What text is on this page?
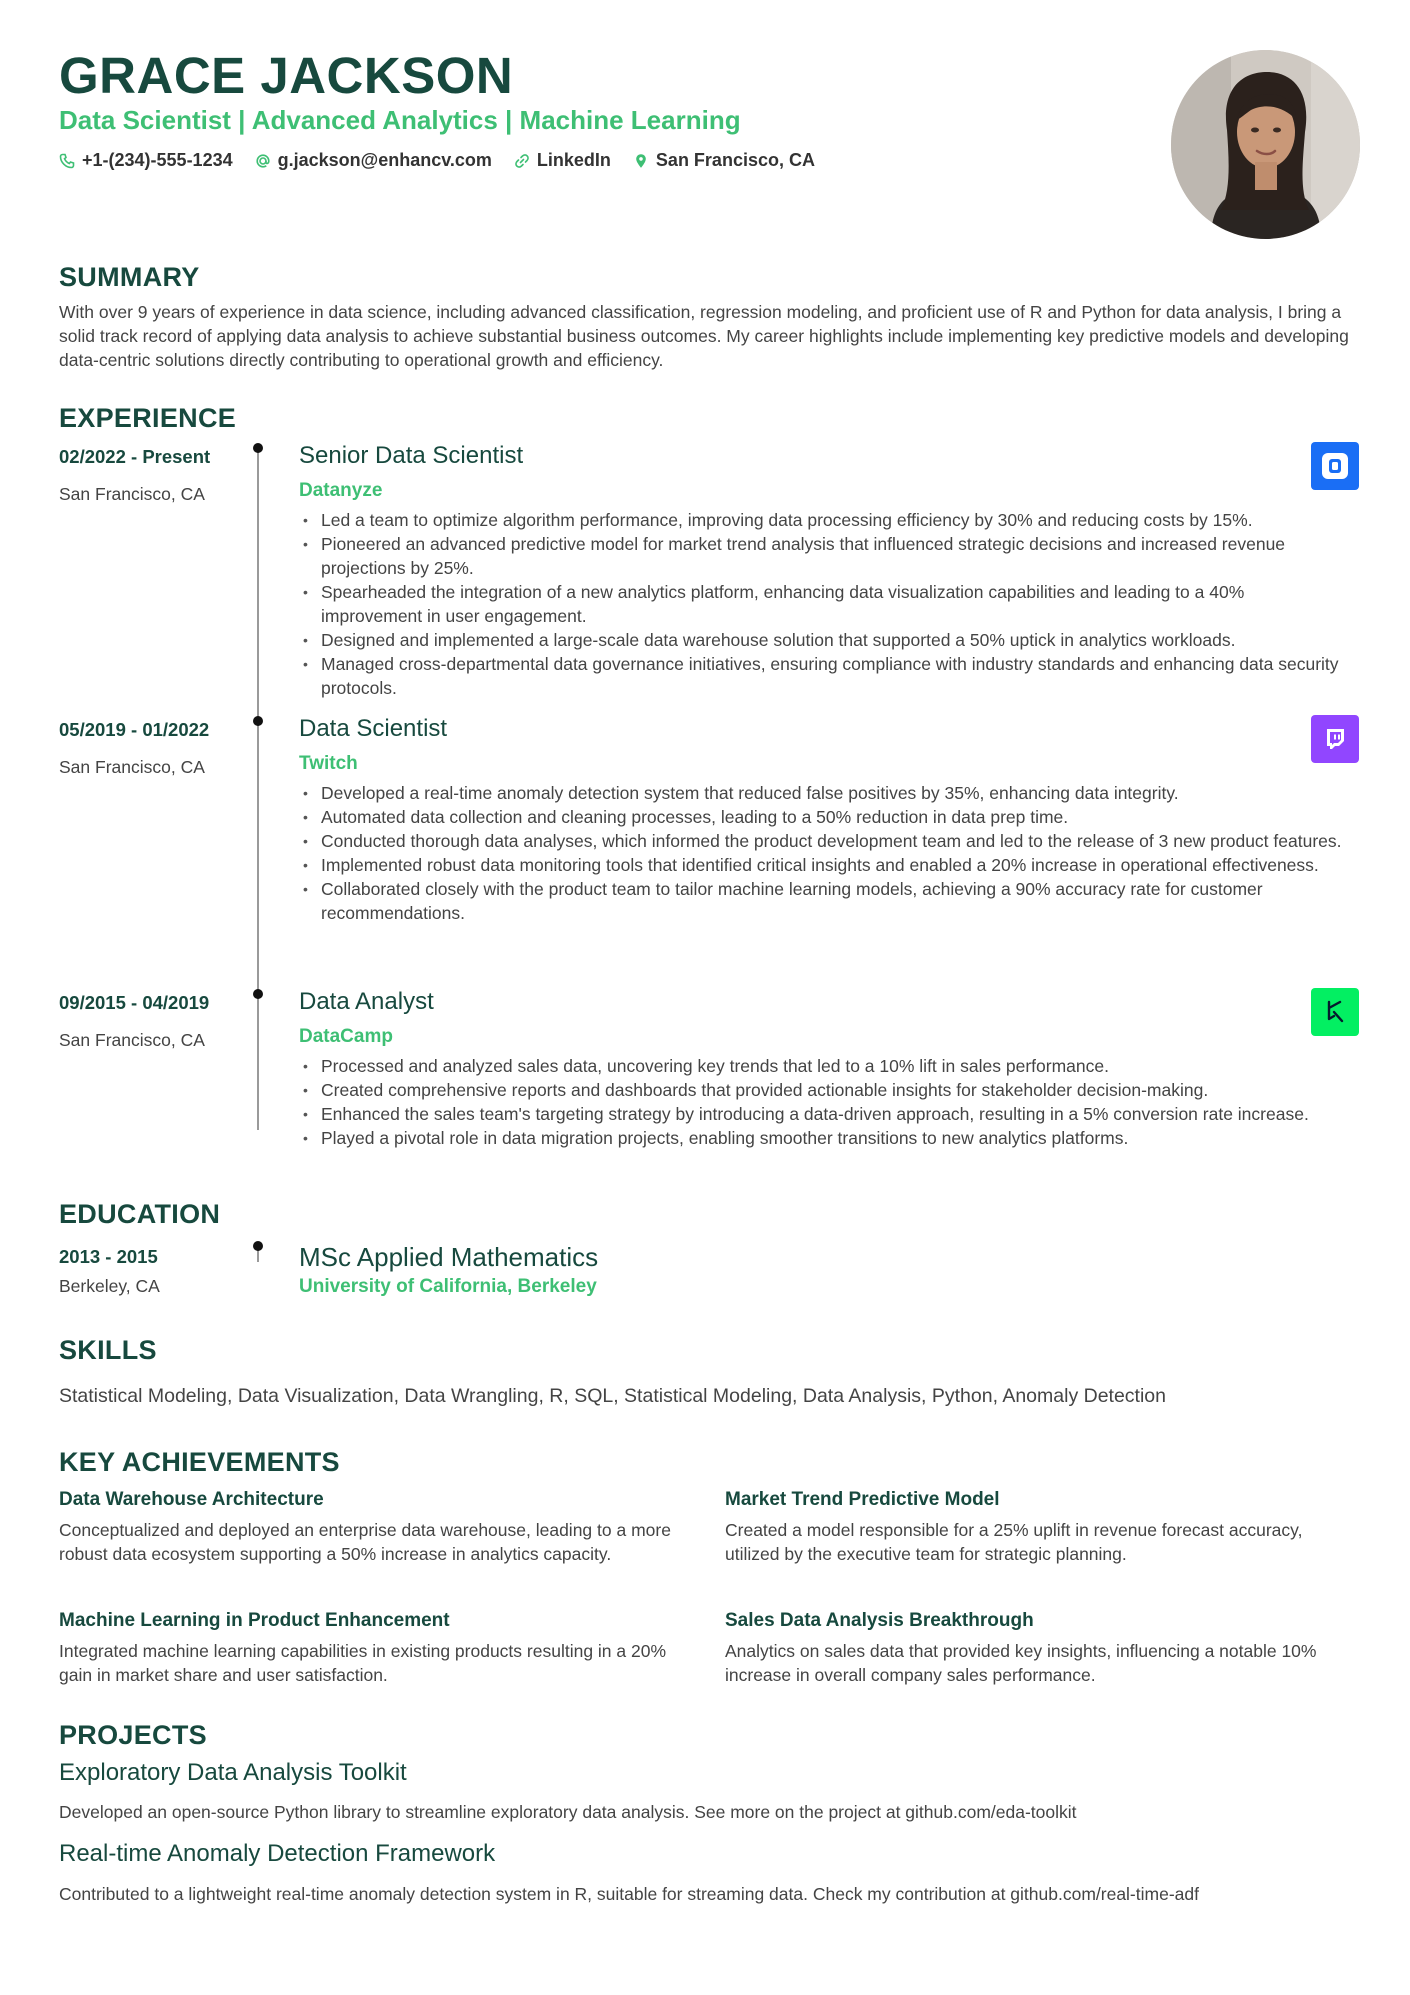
GRACE JACKSON
Data Scientist | Advanced Analytics | Machine Learning
+1-(234)-555-1234	g.jackson@enhancv.com	LinkedIn	San Francisco, CA
SUMMARY
With over 9 years of experience in data science, including advanced classification, regression modeling, and proficient use of R and Python for data analysis, I bring a solid track record of applying data analysis to achieve substantial business outcomes. My career highlights include implementing key predictive models and developing data-centric solutions directly contributing to operational growth and efficiency.
EXPERIENCE
02/2022 - Present
San Francisco, CA
Senior Data Scientist
Datanyze
• Led a team to optimize algorithm performance, improving data processing efficiency by 30% and reducing costs by 15%.
• Pioneered an advanced predictive model for market trend analysis that influenced strategic decisions and increased revenue projections by 25%.
• Spearheaded the integration of a new analytics platform, enhancing data visualization capabilities and leading to a 40% improvement in user engagement.
• Designed and implemented a large-scale data warehouse solution that supported a 50% uptick in analytics workloads.
• Managed cross-departmental data governance initiatives, ensuring compliance with industry standards and enhancing data security protocols.
05/2019 - 01/2022
San Francisco, CA
Data Scientist
Twitch
• Developed a real-time anomaly detection system that reduced false positives by 35%, enhancing data integrity.
• Automated data collection and cleaning processes, leading to a 50% reduction in data prep time.
• Conducted thorough data analyses, which informed the product development team and led to the release of 3 new product features.
• Implemented robust data monitoring tools that identified critical insights and enabled a 20% increase in operational effectiveness.
• Collaborated closely with the product team to tailor machine learning models, achieving a 90% accuracy rate for customer recommendations.
09/2015 - 04/2019
San Francisco, CA
Data Analyst
DataCamp
• Processed and analyzed sales data, uncovering key trends that led to a 10% lift in sales performance.
• Created comprehensive reports and dashboards that provided actionable insights for stakeholder decision-making.
• Enhanced the sales team's targeting strategy by introducing a data-driven approach, resulting in a 5% conversion rate increase.
• Played a pivotal role in data migration projects, enabling smoother transitions to new analytics platforms.
EDUCATION
2013 - 2015
Berkeley, CA
MSc Applied Mathematics
University of California, Berkeley
SKILLS
Statistical Modeling, Data Visualization, Data Wrangling, R, SQL, Statistical Modeling, Data Analysis, Python, Anomaly Detection
KEY ACHIEVEMENTS
Data Warehouse Architecture
Conceptualized and deployed an enterprise data warehouse, leading to a more robust data ecosystem supporting a 50% increase in analytics capacity.
Market Trend Predictive Model
Created a model responsible for a 25% uplift in revenue forecast accuracy, utilized by the executive team for strategic planning.
Machine Learning in Product Enhancement
Integrated machine learning capabilities in existing products resulting in a 20% gain in market share and user satisfaction.
Sales Data Analysis Breakthrough
Analytics on sales data that provided key insights, influencing a notable 10% increase in overall company sales performance.
PROJECTS
Exploratory Data Analysis Toolkit
Developed an open-source Python library to streamline exploratory data analysis. See more on the project at github.com/eda-toolkit
Real-time Anomaly Detection Framework
Contributed to a lightweight real-time anomaly detection system in R, suitable for streaming data. Check my contribution at github.com/real-time-adf
